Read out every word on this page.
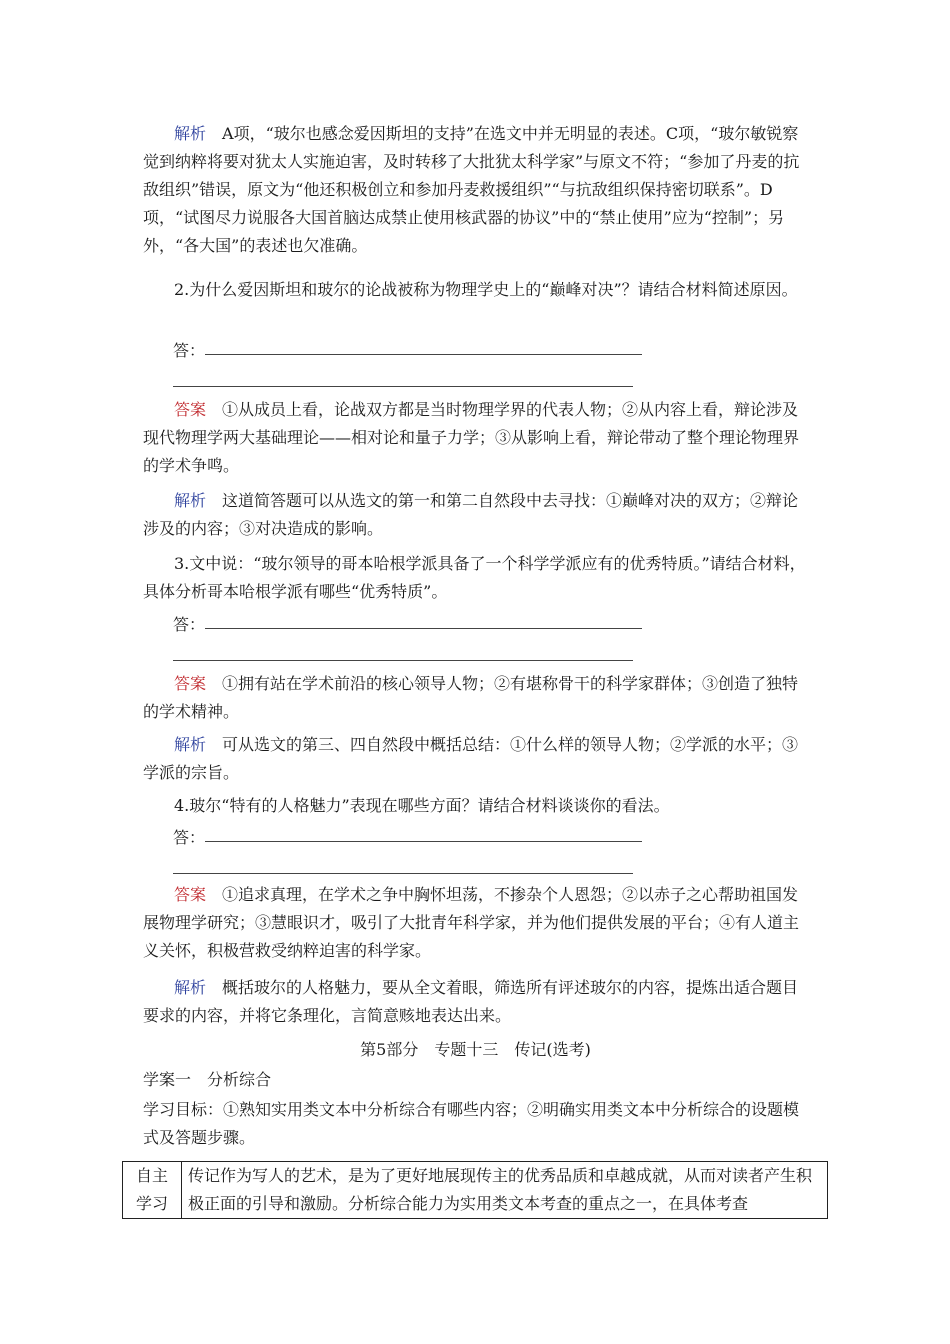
解析　A项，“玻尔也感念爱因斯坦的支持”在选文中并无明显的表述。C项，“玻尔敏锐察觉到纳粹将要对犹太人实施迫害，及时转移了大批犹太科学家”与原文不符；“参加了丹麦的抗敌组织”错误，原文为“他还积极创立和参加丹麦救援组织”“与抗敌组织保持密切联系”。D项，“试图尽力说服各大国首脑达成禁止使用核武器的协议”中的“禁止使用”应为“控制”；另外，“各大国”的表述也欠准确。
2.为什么爱因斯坦和玻尔的论战被称为物理学史上的“巅峰对决”？请结合材料简述原因。
答：
答案　①从成员上看，论战双方都是当时物理学界的代表人物；②从内容上看，辩论涉及现代物理学两大基础理论——相对论和量子力学；③从影响上看，辩论带动了整个理论物理界的学术争鸣。
解析　这道简答题可以从选文的第一和第二自然段中去寻找：①巅峰对决的双方；②辩论涉及的内容；③对决造成的影响。
3.文中说：“玻尔领导的哥本哈根学派具备了一个科学学派应有的优秀特质。”请结合材料，具体分析哥本哈根学派有哪些“优秀特质”。
答：
答案　①拥有站在学术前沿的核心领导人物；②有堪称骨干的科学家群体；③创造了独特的学术精神。
解析　可从选文的第三、四自然段中概括总结：①什么样的领导人物；②学派的水平；③学派的宗旨。
4.玻尔“特有的人格魅力”表现在哪些方面？请结合材料谈谈你的看法。
答：
答案　①追求真理，在学术之争中胸怀坦荡，不掺杂个人恩怨；②以赤子之心帮助祖国发展物理学研究；③慧眼识才，吸引了大批青年科学家，并为他们提供发展的平台；④有人道主义关怀，积极营救受纳粹迫害的科学家。
解析　概括玻尔的人格魅力，要从全文着眼，筛选所有评述玻尔的内容，提炼出适合题目要求的内容，并将它条理化，言简意赅地表达出来。
第5部分　专题十三　传记(选考)
学案一　分析综合
学习目标：①熟知实用类文本中分析综合有哪些内容；②明确实用类文本中分析综合的设题模式及答题步骤。
自主
学习	传记作为写人的艺术，是为了更好地展现传主的优秀品质和卓越成就，从而对读者产生积极正面的引导和激励。分析综合能力为实用类文本考查的重点之一，在具体考查
